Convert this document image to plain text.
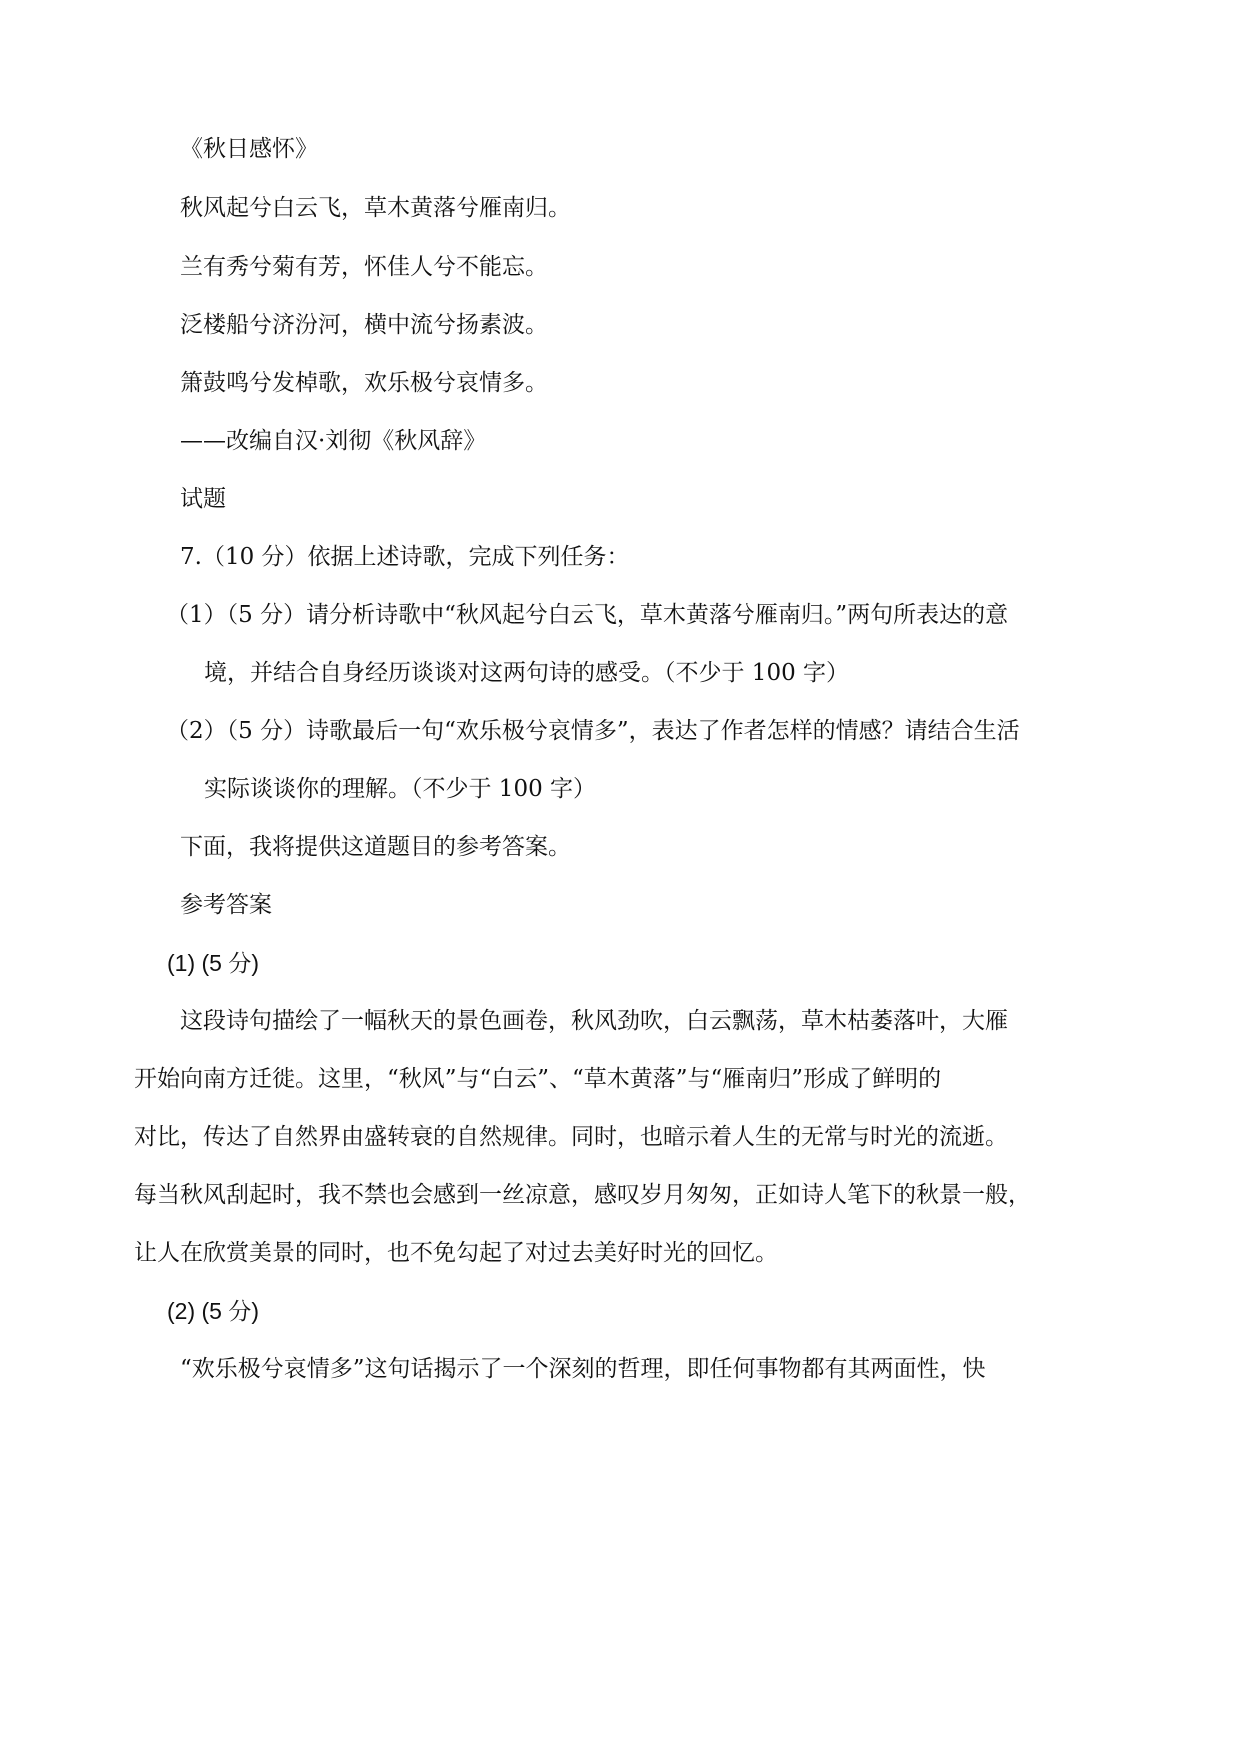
《秋日感怀》
秋风起兮白云飞，草木黄落兮雁南归。
兰有秀兮菊有芳，怀佳人兮不能忘。
泛楼船兮济汾河，横中流兮扬素波。
箫鼓鸣兮发棹歌，欢乐极兮哀情多。
——改编自汉·刘彻《秋风辞》
试题
7.（10 分）依据上述诗歌，完成下列任务：
（1）（5 分）请分析诗歌中“秋风起兮白云飞，草木黄落兮雁南归。”两句所表达的意
境，并结合自身经历谈谈对这两句诗的感受。（不少于 100 字）
（2）（5 分）诗歌最后一句“欢乐极兮哀情多”，表达了作者怎样的情感？请结合生活
实际谈谈你的理解。（不少于 100 字）
下面，我将提供这道题目的参考答案。
参考答案
(1) (5 分)
这段诗句描绘了一幅秋天的景色画卷，秋风劲吹，白云飘荡，草木枯萎落叶，大雁
开始向南方迁徙。这里，“秋风”与“白云”、“草木黄落”与“雁南归”形成了鲜明的
对比，传达了自然界由盛转衰的自然规律。同时，也暗示着人生的无常与时光的流逝。
每当秋风刮起时，我不禁也会感到一丝凉意，感叹岁月匆匆，正如诗人笔下的秋景一般，
让人在欣赏美景的同时，也不免勾起了对过去美好时光的回忆。
(2) (5 分)
“欢乐极兮哀情多”这句话揭示了一个深刻的哲理，即任何事物都有其两面性，快
